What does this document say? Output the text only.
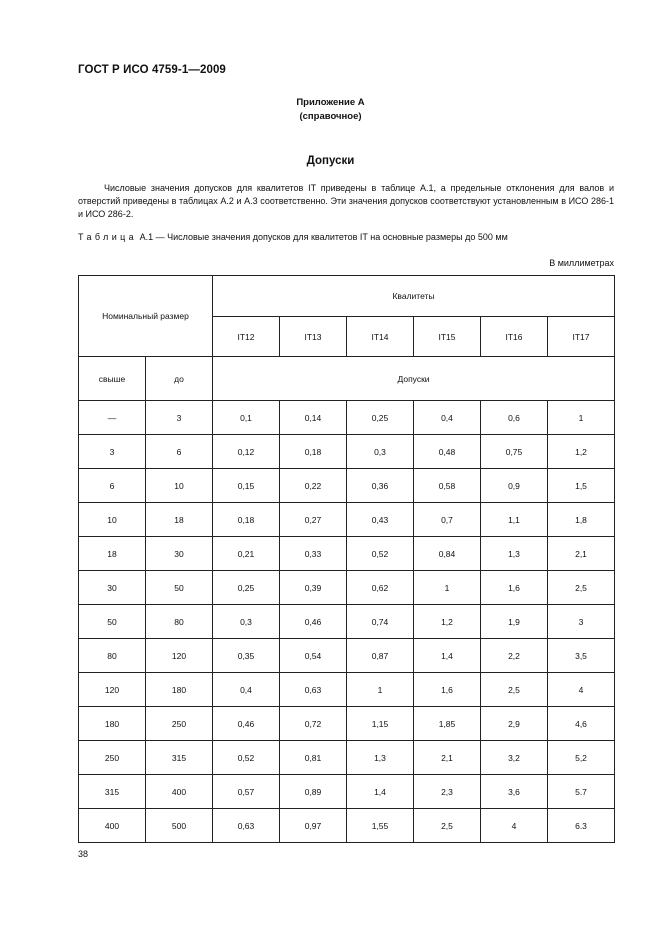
ГОСТ Р ИСО 4759-1—2009
Приложение А
(справочное)
Допуски

Числовые значения допусков для квалитетов IT приведены в таблице А.1, а предельные отклонения для валов и отверстий приведены в таблицах А.2 и А.3 соответственно. Эти значения допусков соответствуют установленным в ИСО 286-1 и ИСО 286-2.

Таблица А.1 — Числовые значения допусков для квалитетов IT на основные размеры до 500 мм
В миллиметрах
Номинальный размер		Квалитеты					
		IT12	IT13	IT14	IT15	IT16	IT17
свыше	до	Допуски					
—	3	0,1	0,14	0,25	0,4	0,6	1
3	6	0,12	0,18	0,3	0,48	0,75	1,2
6	10	0,15	0,22	0,36	0,58	0,9	1,5
10	18	0,18	0,27	0,43	0,7	1,1	1,8
18	30	0,21	0,33	0,52	0,84	1,3	2,1
30	50	0,25	0,39	0,62	1	1,6	2,5
50	80	0,3	0,46	0,74	1,2	1,9	3
80	120	0,35	0,54	0,87	1,4	2,2	3,5
120	180	0,4	0,63	1	1,6	2,5	4
180	250	0,46	0,72	1,15	1,85	2,9	4,6
250	315	0,52	0,81	1,3	2,1	3,2	5,2
315	400	0,57	0,89	1,4	2,3	3,6	5.7
400	500	0,63	0,97	1,55	2,5	4	6.3
38
